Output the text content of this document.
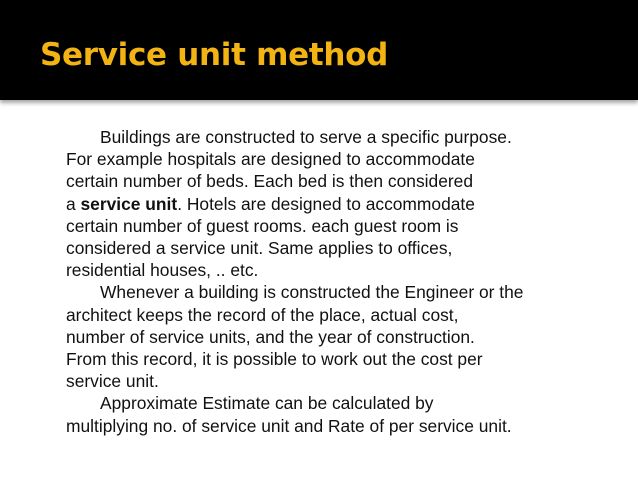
Service unit method
Buildings are constructed to serve a specific purpose.
For example hospitals are designed to accommodate
certain number of beds. Each bed is then considered
a service unit. Hotels are designed to accommodate
certain number of guest rooms. each guest room is
considered a service unit. Same applies to offices,
residential houses, .. etc.
Whenever a building is constructed the Engineer or the
architect keeps the record of the place, actual cost,
number of service units, and the year of construction.
From this record, it is possible to work out the cost per
service unit.
Approximate Estimate can be calculated by
multiplying no. of service unit and Rate of per service unit.
